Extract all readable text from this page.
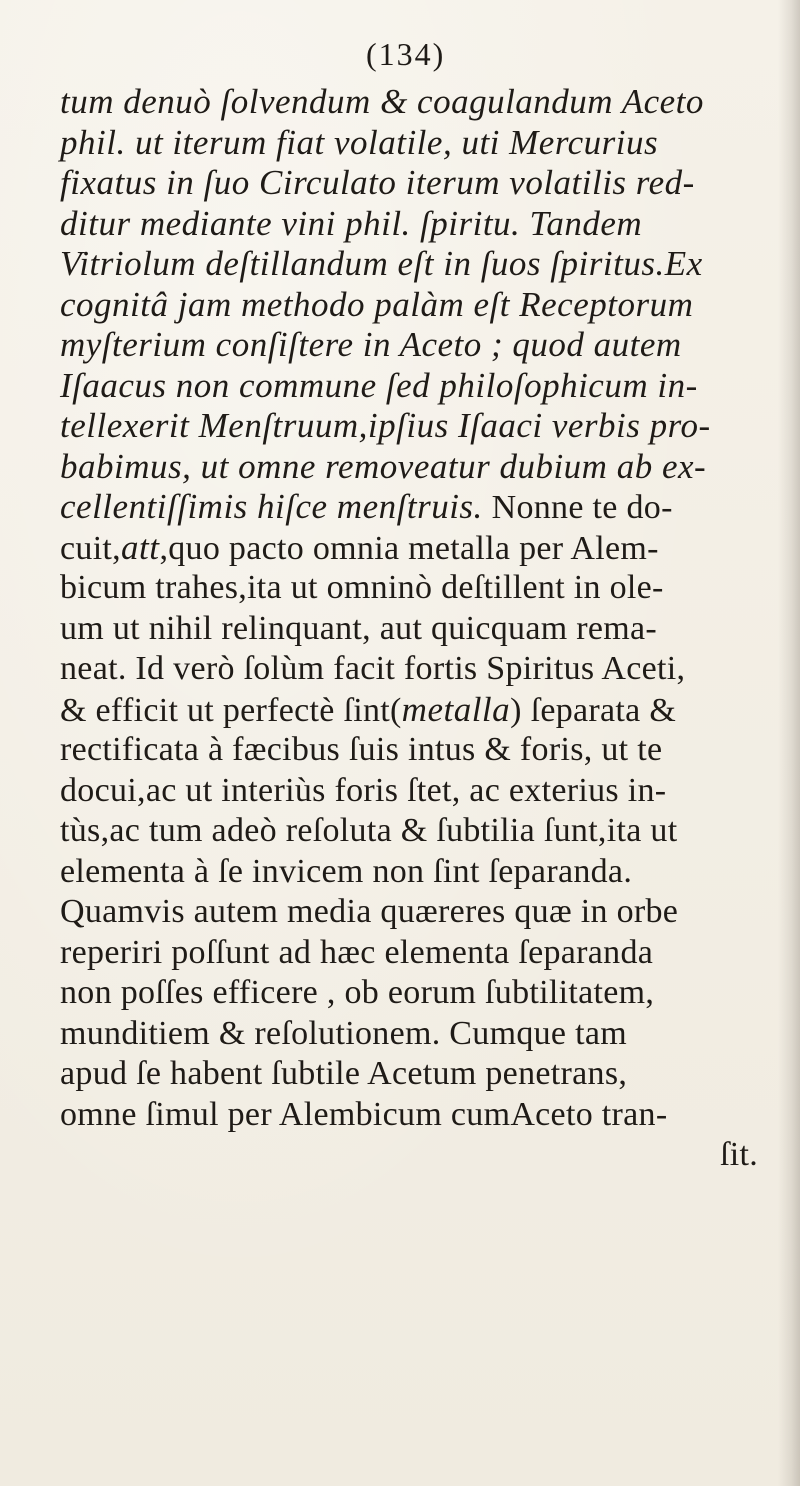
(134)
tum denuò ſolvendum & coagulandum Aceto
phil. ut iterum fiat volatile, uti Mercurius
fixatus in ſuo Circulato iterum volatilis red-
ditur mediante vini phil. ſpiritu. Tandem
Vitriolum deſtillandum eſt in ſuos ſpiritus.Ex
cognitâ jam methodo palàm eſt Receptorum
myſterium conſiſtere in Aceto ; quod autem
Iſaacus non commune ſed philoſophicum in-
tellexerit Menſtruum,ipſius Iſaaci verbis pro-
babimus, ut omne removeatur dubium ab ex-
cellentiſſimis hiſce menſtruis. Nonne te do-
cuit,att,quo pacto omnia metalla per Alem-
bicum trahes,ita ut omninò deſtillent in ole-
um ut nihil relinquant, aut quicquam rema-
neat. Id verò ſolùm facit fortis Spiritus Aceti,
& efficit ut perfectè ſint(metalla) ſeparata &
rectificata à fæcibus ſuis intus & foris, ut te
docui,ac ut interiùs foris ſtet, ac exterius in-
tùs,ac tum adeò reſoluta & ſubtilia ſunt,ita ut
elementa à ſe invicem non ſint ſeparanda.
Quamvis autem media quæreres quæ in orbe
reperiri poſſunt ad hæc elementa ſeparanda
non poſſes efficere , ob eorum ſubtilitatem,
munditiem & reſolutionem. Cumque tam
apud ſe habent ſubtile Acetum penetrans,
omne ſimul per Alembicum cumAceto tran-
ſit.
